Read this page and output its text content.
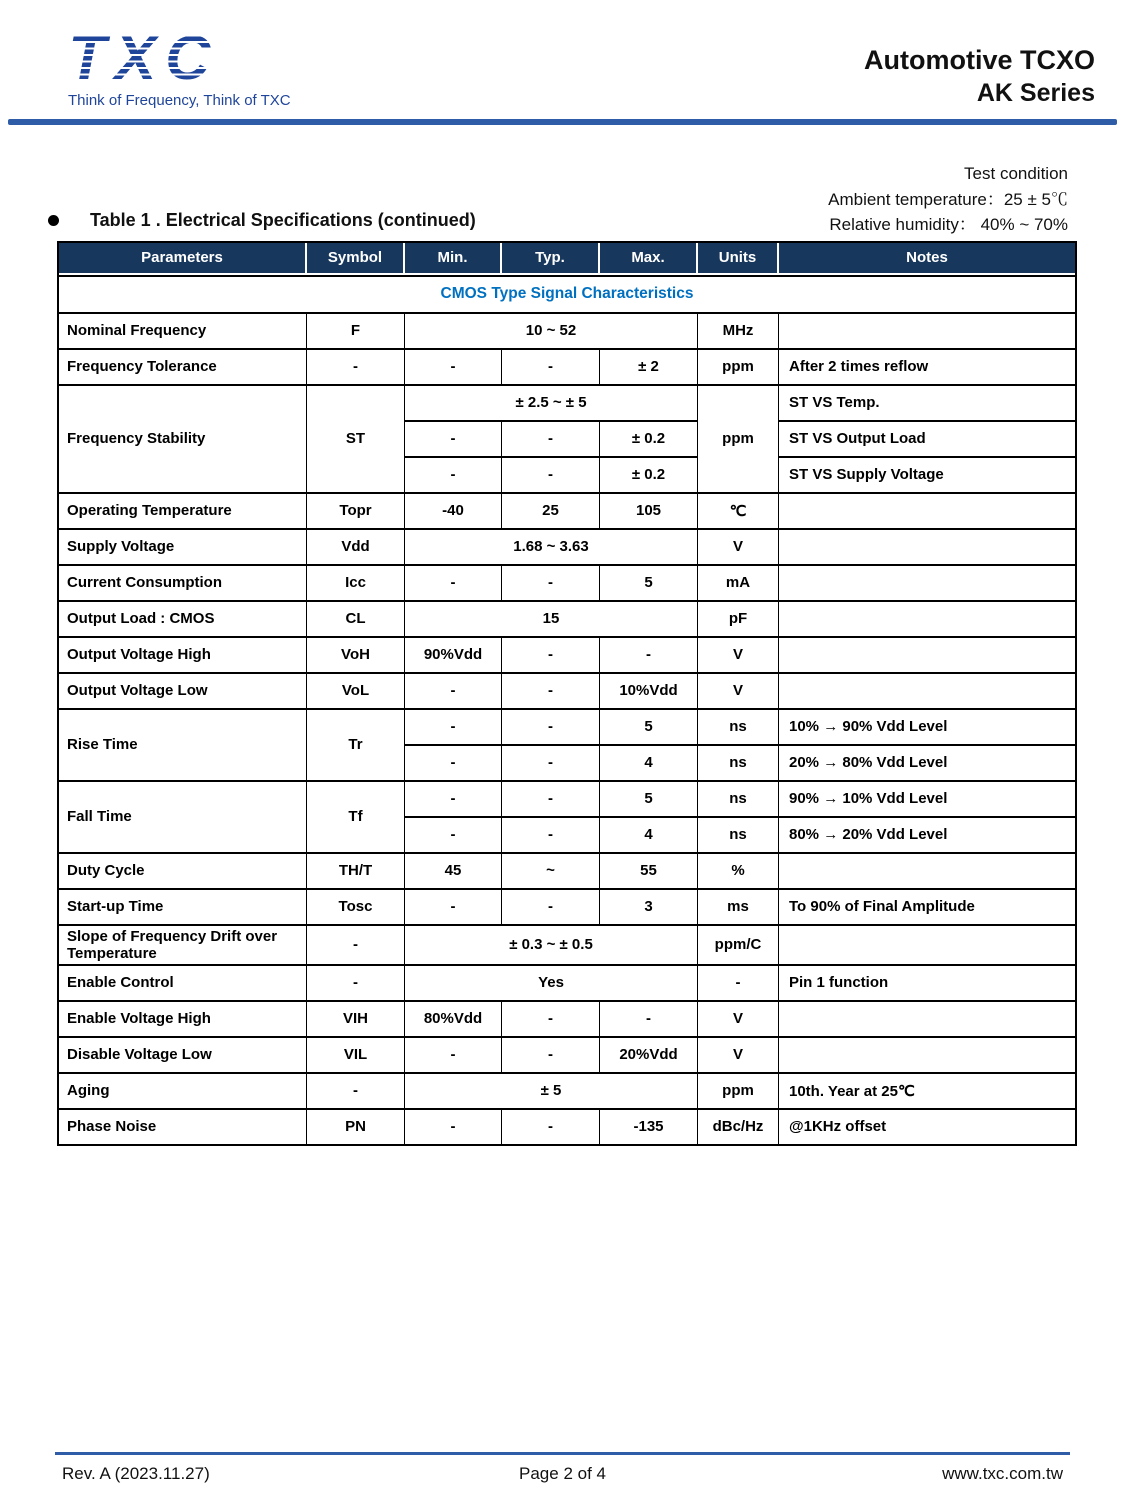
TXC
Think of Frequency, Think of TXC
Automotive TCXO
AK Series
Test condition
Ambient temperature：25 ± 5℃
Relative humidity： 40% ~ 70%
Table 1 . Electrical Specifications (continued)
Parameters	Symbol	Min.	Typ.	Max.	Units	Notes
CMOS Type Signal Characteristics						
Nominal Frequency	F	10 ~ 52			MHz	
Frequency Tolerance	-	-	-	± 2	ppm	After 2 times reflow
Frequency Stability	ST	± 2.5 ~ ± 5			ppm	ST VS Temp.
		-	-	± 0.2		ST VS Output Load
		-	-	± 0.2		ST VS Supply Voltage
Operating Temperature	Topr	-40	25	105	℃	
Supply Voltage	Vdd	1.68 ~ 3.63			V	
Current Consumption	Icc	-	-	5	mA	
Output Load : CMOS	CL	15			pF	
Output Voltage High	VoH	90%Vdd	-	-	V	
Output Voltage Low	VoL	-	-	10%Vdd	V	
Rise Time	Tr	-	-	5	ns	10% → 90% Vdd Level
		-	-	4	ns	20% → 80% Vdd Level
Fall Time	Tf	-	-	5	ns	90% → 10% Vdd Level
		-	-	4	ns	80% → 20% Vdd Level
Duty Cycle	TH/T	45	~	55	%	
Start-up Time	Tosc	-	-	3	ms	To 90% of Final Amplitude
Slope of Frequency Drift over Temperature	-	± 0.3 ~ ± 0.5			ppm/C	
Enable Control	-	Yes			-	Pin 1 function
Enable Voltage High	VIH	80%Vdd	-	-	V	
Disable Voltage Low	VIL	-	-	20%Vdd	V	
Aging	-	± 5			ppm	10th. Year at 25℃
Phase Noise	PN	-	-	-135	dBc/Hz	@1KHz offset
Rev. A (2023.11.27)	Page 2 of 4	www.txc.com.tw
